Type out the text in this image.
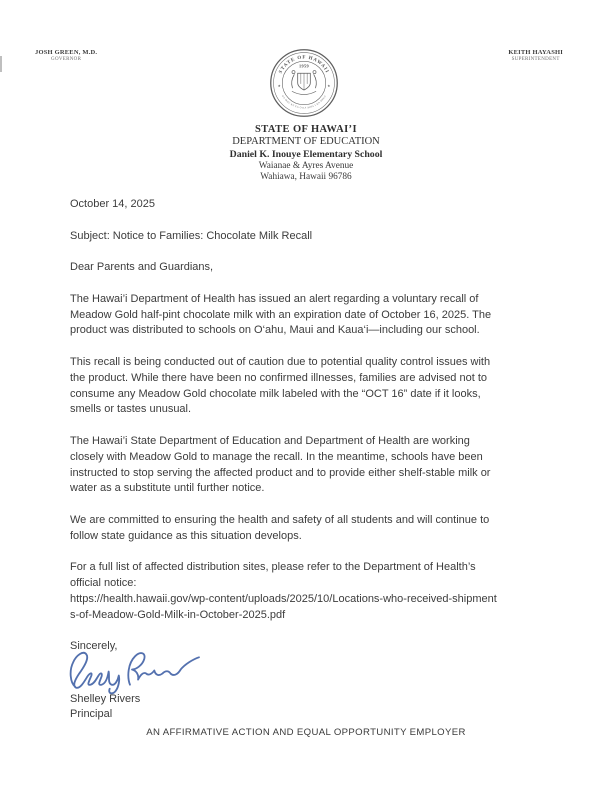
JOSH GREEN, M.D.
GOVERNOR
KEITH HAYASHI
SUPERINTENDENT
STATE OF HAWAII
UA MAU KE EA O KA AINA I KA PONO
1959
★	★
STATE OF HAWAI’I
DEPARTMENT OF EDUCATION
Daniel K. Inouye Elementary School
Waianae & Ayres Avenue
Wahiawa, Hawaii 96786

October 14, 2025

Subject: Notice to Families: Chocolate Milk Recall

Dear Parents and Guardians,

The Hawai’i Department of Health has issued an alert regarding a voluntary recall of
Meadow Gold half-pint chocolate milk with an expiration date of October 16, 2025. The
product was distributed to schools on O‘ahu, Maui and Kaua‘i—including our school.
This recall is being conducted out of caution due to potential quality control issues with
the product. While there have been no confirmed illnesses, families are advised not to
consume any Meadow Gold chocolate milk labeled with the “OCT 16” date if it looks,
smells or tastes unusual.
The Hawai’i State Department of Education and Department of Health are working
closely with Meadow Gold to manage the recall. In the meantime, schools have been
instructed to stop serving the affected product and to provide either shelf-stable milk or
water as a substitute until further notice.
We are committed to ensuring the health and safety of all students and will continue to
follow state guidance as this situation develops.
For a full list of affected distribution sites, please refer to the Department of Health’s
official notice:
https://health.hawaii.gov/wp-content/uploads/2025/10/Locations-who-received-shipment
s-of-Meadow-Gold-Milk-in-October-2025.pdf

Sincerely,

Shelley Rivers
Principal
AN AFFIRMATIVE ACTION AND EQUAL OPPORTUNITY EMPLOYER
